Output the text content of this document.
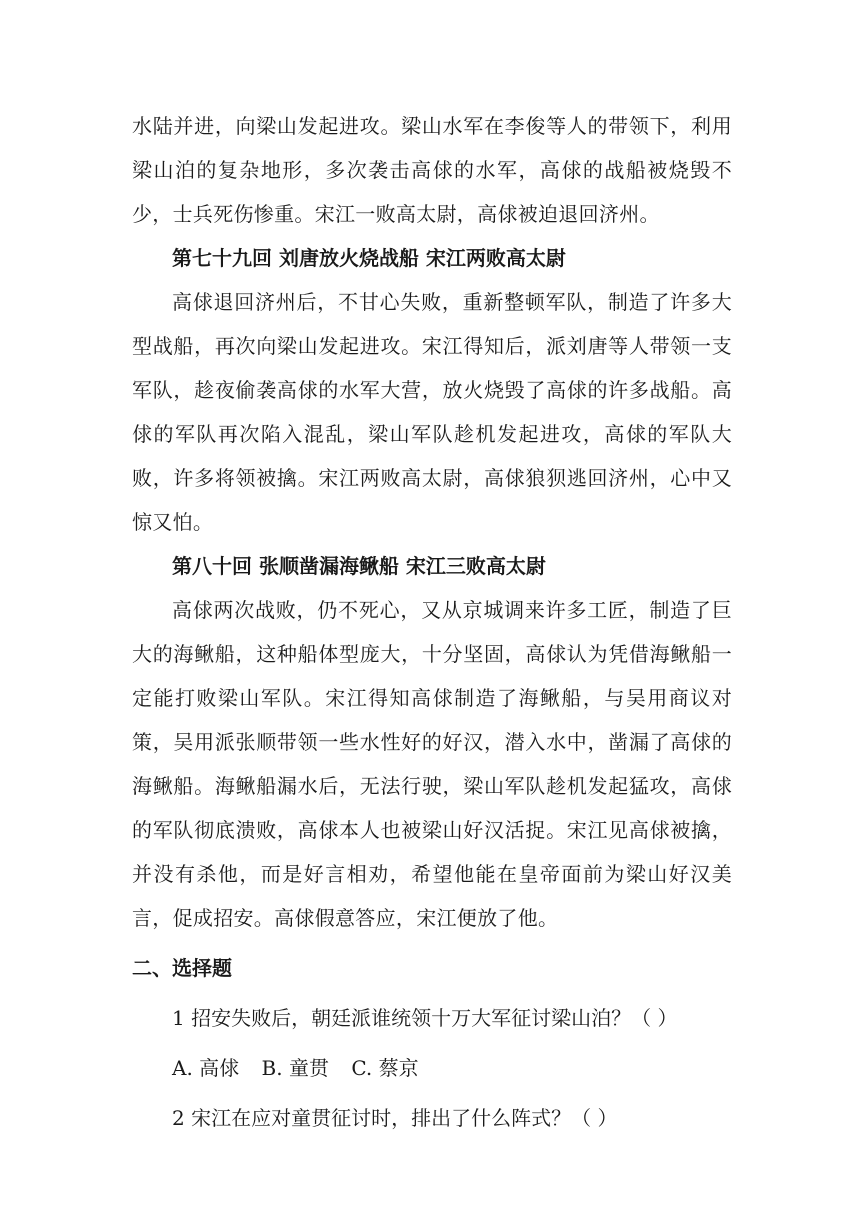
水陆并进，向梁山发起进攻。梁山水军在李俊等人的带领下，利用梁山泊的复杂地形，多次袭击高俅的水军，高俅的战船被烧毁不少，士兵死伤惨重。宋江一败高太尉，高俅被迫退回济州。

第七十九回 刘唐放火烧战船 宋江两败高太尉

高俅退回济州后，不甘心失败，重新整顿军队，制造了许多大型战船，再次向梁山发起进攻。宋江得知后，派刘唐等人带领一支军队，趁夜偷袭高俅的水军大营，放火烧毁了高俅的许多战船。高俅的军队再次陷入混乱，梁山军队趁机发起进攻，高俅的军队大败，许多将领被擒。宋江两败高太尉，高俅狼狈逃回济州，心中又惊又怕。

第八十回 张顺凿漏海鳅船 宋江三败高太尉

高俅两次战败，仍不死心，又从京城调来许多工匠，制造了巨大的海鳅船，这种船体型庞大，十分坚固，高俅认为凭借海鳅船一定能打败梁山军队。宋江得知高俅制造了海鳅船，与吴用商议对策，吴用派张顺带领一些水性好的好汉，潜入水中，凿漏了高俅的海鳅船。海鳅船漏水后，无法行驶，梁山军队趁机发起猛攻，高俅的军队彻底溃败，高俅本人也被梁山好汉活捉。宋江见高俅被擒，并没有杀他，而是好言相劝，希望他能在皇帝面前为梁山好汉美言，促成招安。高俅假意答应，宋江便放了他。

二、选择题

1 招安失败后，朝廷派谁统领十万大军征讨梁山泊？（ ）

A. 高俅 B. 童贯 C. 蔡京

2 宋江在应对童贯征讨时，排出了什么阵式？（ ）
